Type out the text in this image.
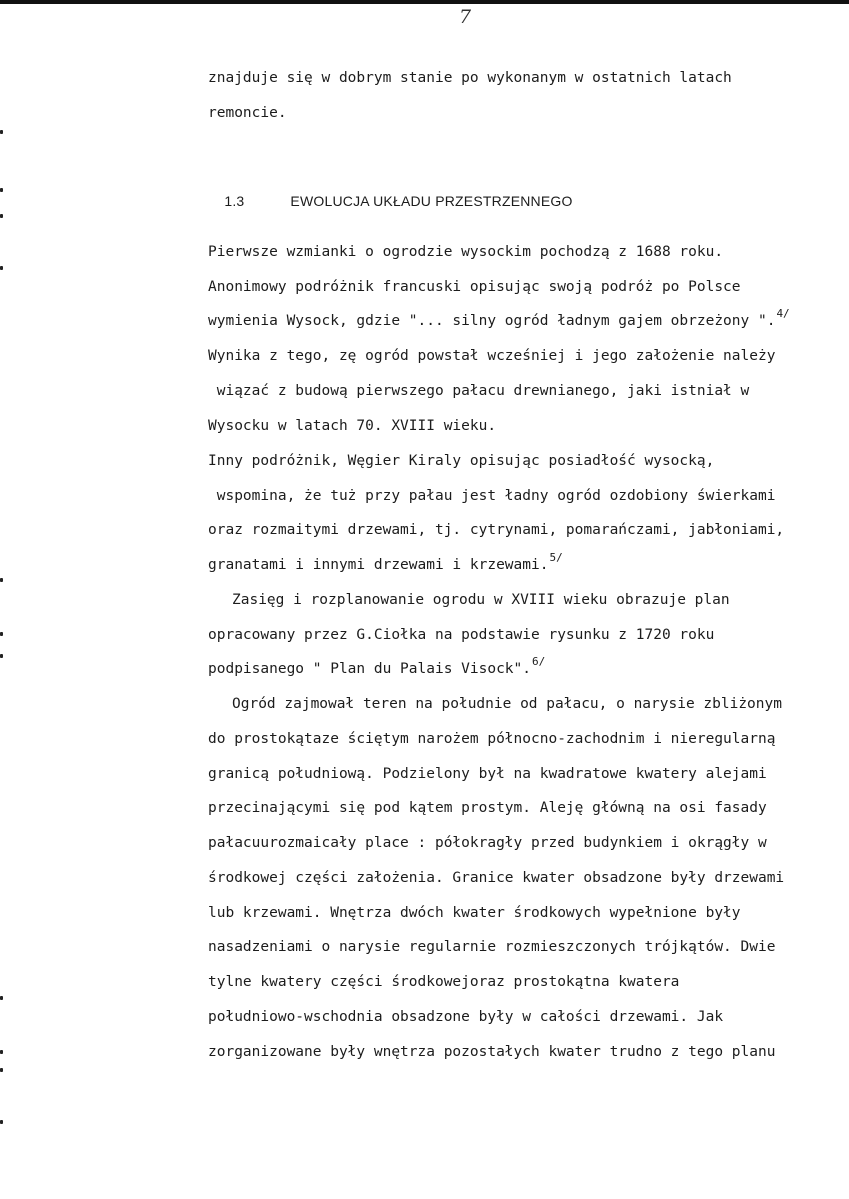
7
znajduje się w dobrym stanie po wykonanym w ostatnich latach
remoncie.

1.3	EWOLUCJA UKŁADU PRZESTRZENNEGO

Pierwsze wzmianki o ogrodzie wysockim pochodzą z 1688 roku.
Anonimowy podróżnik francuski opisując swoją podróż po Polsce
wymienia Wysock, gdzie "... silny ogród ładnym gajem obrzeżony ".$^{4/}$
Wynika z tego, zę ogród powstał wcześniej i jego założenie należy
wiązać z budową pierwszego pałacu drewnianego, jaki istniał w
Wysocku w latach 70. XVIII wieku.
Inny podróżnik, Węgier Kiraly opisując posiadłość wysocką,
wspomina, że tuż przy pałau jest ładny ogród ozdobiony świerkami
oraz rozmaitymi drzewami, tj. cytrynami, pomarańczami, jabłoniami,
granatami i innymi drzewami i krzewami.$^{5/}$
Zasięg i rozplanowanie ogrodu w XVIII wieku obrazuje plan
opracowany przez G.Ciołka na podstawie rysunku z 1720 roku
podpisanego " Plan du Palais Visock".$^{6/}$
Ogród zajmował teren na południe od pałacu, o narysie zbliżonym
do prostokątaze ściętym narożem północno-zachodnim i nieregularną
granicą południową. Podzielony był na kwadratowe kwatery alejami
przecinającymi się pod kątem prostym. Aleję główną na osi fasady
pałacuurozmaicały place : półokragły przed budynkiem i okrągły w
środkowej części założenia. Granice kwater obsadzone były drzewami
lub krzewami. Wnętrza dwóch kwater środkowych wypełnione były
nasadzeniami o narysie regularnie rozmieszczonych trójkątów. Dwie
tylne kwatery części środkowejoraz prostokątna kwatera
południowo-wschodnia obsadzone były w całości drzewami. Jak
zorganizowane były wnętrza pozostałych kwater trudno z tego planu
